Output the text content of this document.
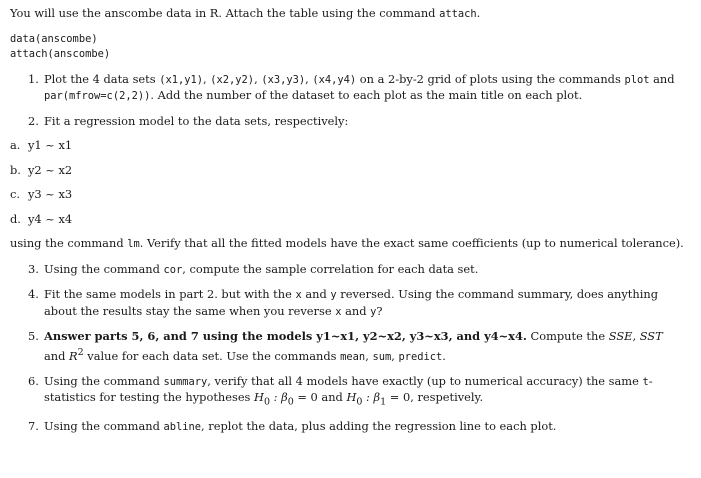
You will use the anscombe data in R. Attach the table using the command attach.

data(anscombe)
attach(anscombe)
1. Plot the 4 data sets (x1,y1), (x2,y2), (x3,y3), (x4,y4) on a 2-by-2 grid of plots using the commands plot and par(mfrow=c(2,2)). Add the number of the dataset to each plot as the main title on each plot.
2. Fit a regression model to the data sets, respectively:
a. y1 ~ x1
b. y2 ~ x2
c. y3 ~ x3
d. y4 ~ x4

using the command lm. Verify that all the fitted models have the exact same coefficients (up to numerical tolerance).

3. Using the command cor, compute the sample correlation for each data set.
4. Fit the same models in part 2. but with the x and y reversed. Using the command summary, does anything about the results stay the same when you reverse x and y?
5. Answer parts 5, 6, and 7 using the models y1~x1, y2~x2, y3~x3, and y4~x4. Compute the SSE, SST and $R^2$ value for each data set. Use the commands mean, sum, predict.
6. Using the command summary, verify that all 4 models have exactly (up to numerical accuracy) the same t-statistics for testing the hypotheses $H_0$ : $\beta_0 = 0$ and $H_0$ : $\beta_1 = 0$, respetively.
7. Using the command abline, replot the data, plus adding the regression line to each plot.
